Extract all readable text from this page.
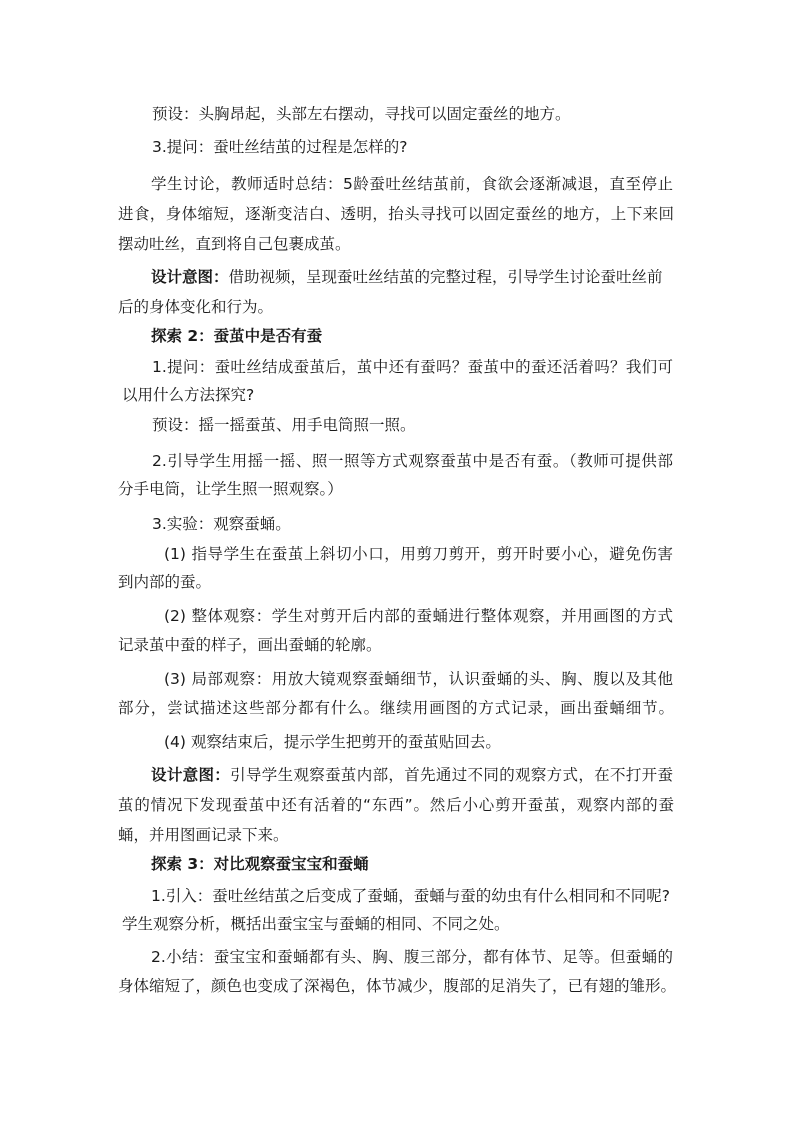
预设：头胸昂起，头部左右摆动，寻找可以固定蚕丝的地方。
3.提问：蚕吐丝结茧的过程是怎样的?
学生讨论，教师适时总结：5龄蚕吐丝结茧前，食欲会逐渐减退，直至停止
进食，身体缩短，逐渐变洁白、透明，抬头寻找可以固定蚕丝的地方，上下来回
摆动吐丝，直到将自己包裹成茧。
设计意图：借助视频，呈现蚕吐丝结茧的完整过程，引导学生讨论蚕吐丝前
后的身体变化和行为。
探索 2：蚕茧中是否有蚕
1.提问：蚕吐丝结成蚕茧后，茧中还有蚕吗？蚕茧中的蚕还活着吗？我们可
以用什么方法探究?
预设：摇一摇蚕茧、用手电筒照一照。
2.引导学生用摇一摇、照一照等方式观察蚕茧中是否有蚕。（教师可提供部
分手电筒，让学生照一照观察。）
3.实验：观察蚕蛹。
(1) 指导学生在蚕茧上斜切小口，用剪刀剪开，剪开时要小心，避免伤害
到内部的蚕。
(2) 整体观察：学生对剪开后内部的蚕蛹进行整体观察，并用画图的方式
记录茧中蚕的样子，画出蚕蛹的轮廓。
(3) 局部观察：用放大镜观察蚕蛹细节，认识蚕蛹的头、胸、腹以及其他
部分，尝试描述这些部分都有什么。继续用画图的方式记录，画出蚕蛹细节。
(4) 观察结束后，提示学生把剪开的蚕茧贴回去。
设计意图：引导学生观察蚕茧内部，首先通过不同的观察方式，在不打开蚕
茧的情况下发现蚕茧中还有活着的“东西”。然后小心剪开蚕茧，观察内部的蚕
蛹，并用图画记录下来。
探索 3：对比观察蚕宝宝和蚕蛹
1.引入：蚕吐丝结茧之后变成了蚕蛹，蚕蛹与蚕的幼虫有什么相同和不同呢?
学生观察分析，概括出蚕宝宝与蚕蛹的相同、不同之处。
2.小结：蚕宝宝和蚕蛹都有头、胸、腹三部分，都有体节、足等。但蚕蛹的
身体缩短了，颜色也变成了深褐色，体节减少，腹部的足消失了，已有翅的雏形。
